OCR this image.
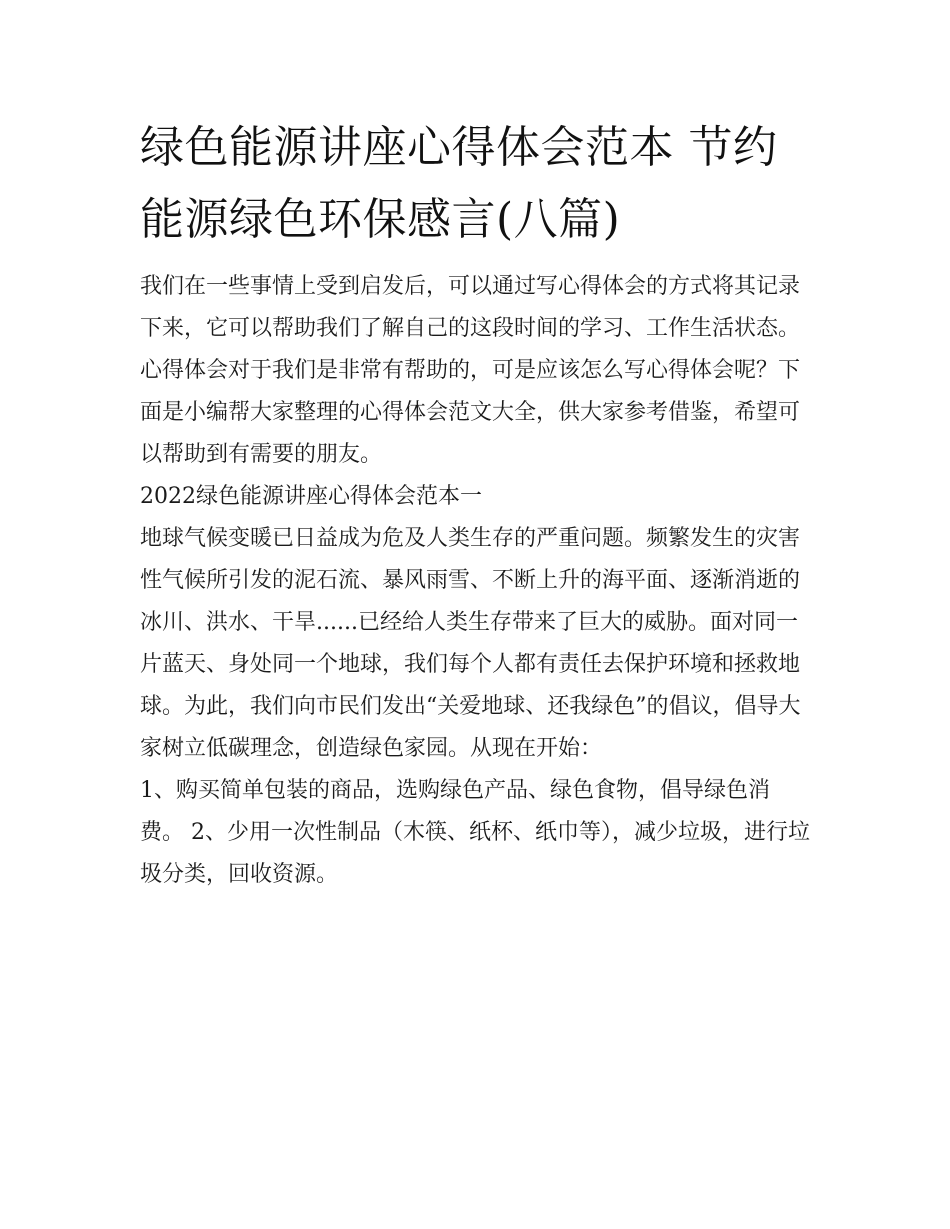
绿色能源讲座心得体会范本 节约能源绿色环保感言(八篇)

我们在一些事情上受到启发后，可以通过写心得体会的方式将其记录下来，它可以帮助我们了解自己的这段时间的学习、工作生活状态。心得体会对于我们是非常有帮助的，可是应该怎么写心得体会呢？下面是小编帮大家整理的心得体会范文大全，供大家参考借鉴，希望可以帮助到有需要的朋友。

2022绿色能源讲座心得体会范本一

地球气候变暖已日益成为危及人类生存的严重问题。频繁发生的灾害性气候所引发的泥石流、暴风雨雪、不断上升的海平面、逐渐消逝的冰川、洪水、干旱......已经给人类生存带来了巨大的威胁。面对同一片蓝天、身处同一个地球，我们每个人都有责任去保护环境和拯救地球。为此，我们向市民们发出“关爱地球、还我绿色”的倡议，倡导大家树立低碳理念，创造绿色家园。从现在开始：

1、购买简单包装的商品，选购绿色产品、绿色食物，倡导绿色消费。 2、少用一次性制品（木筷、纸杯、纸巾等），减少垃圾，进行垃圾分类，回收资源。
